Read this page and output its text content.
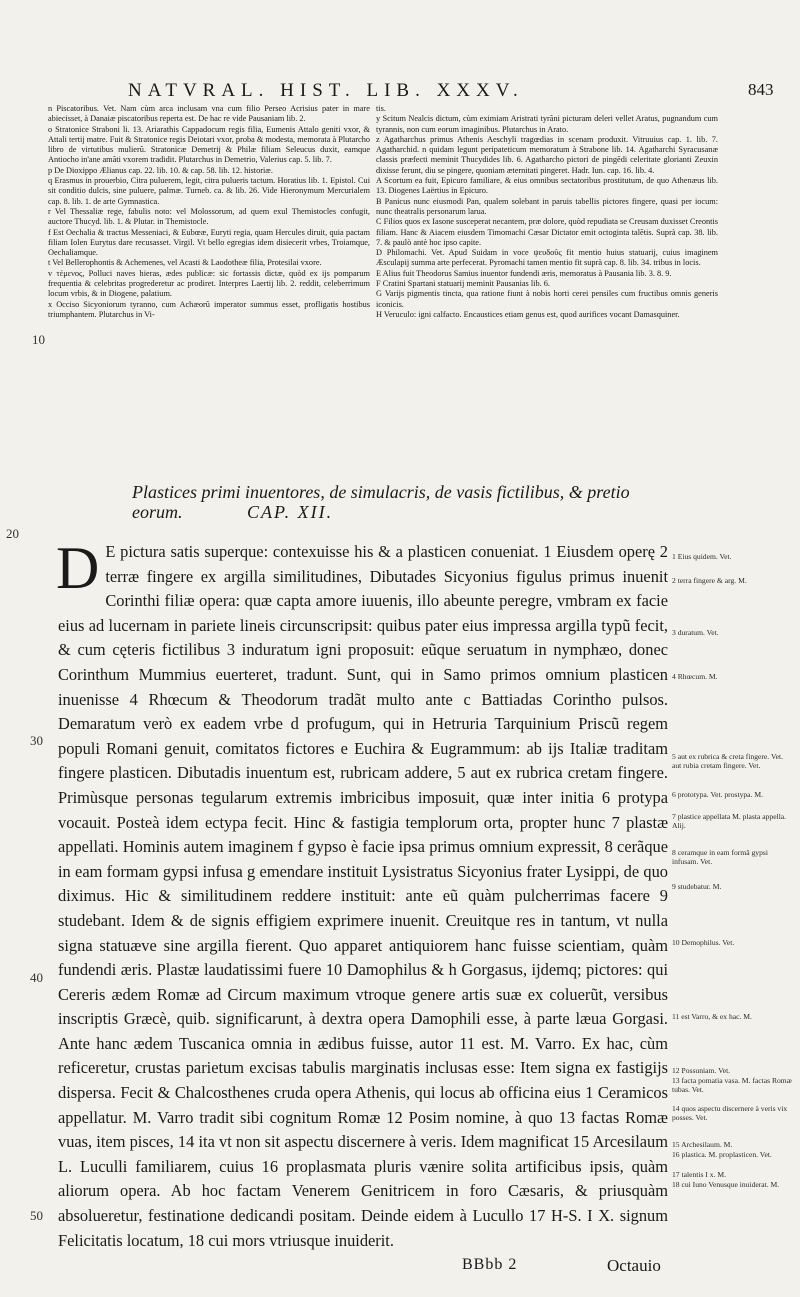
NATVRAL. HIST. LIB. XXXV.	843

n Piscatoribus. Vet. Nam cùm arca inclusam vna cum filio Perseo Acrisius pater in mare abiecisset, à Danaiæ piscatoribus reperta est. De hac re vide Pausaniam lib. 2.

o Stratonice Straboni li. 13. Ariarathis Cappadocum regis filia, Eumenis Attalo geniti vxor, & Attali tertij matre. Fuit & Stratonice regis Deiotari vxor, proba & modesta, memorata à Plutarcho libro de virtutibus mulierũ. Stratonicæ Demetrij & Philæ filiam Seleucus duxit, eamque Antiocho in'ane amãti vxorem tradidit. Plutarchus in Demetrio, Valerius cap. 5. lib. 7.

p De Dioxippo Ælianus cap. 22. lib. 10. & cap. 58. lib. 12. historiæ.

q Erasmus in prouerbio, Citra puluerem, legit, citra pulueris tactum. Horatius lib. 1. Epistol. Cui sit conditio dulcis, sine puluere, palmæ. Turneb. ca. & lib. 26. Vide Hieronymum Mercurialem cap. 8. lib. 1. de arte Gymnastica.

r Vel Thessaliæ rege, fabulis noto: vel Molossorum, ad quem exul Themistocles confugit, auctore Thucyd. lib. 1. & Plutar. in Themistocle.

f Est Oechalia & tractus Messeniaci, & Eubœæ, Euryti regia, quam Hercules diruit, quia pactam filiam Iolen Eurytus dare recusasset. Virgil. Vt bello egregias idem disiecerit vrbes, Troiamque, Oechaliamque.

t Vel Bellerophontis & Achemenes, vel Acasti & Laodotheæ filia, Protesilai vxore.

v τέμενος, Polluci naves hieras, ædes publicæ: sic fortassis dictæ, quòd ex ijs pomparum frequentia & celebritas progrederetur ac prodiret. Interpres Laertij lib. 2. reddit, celeberrimum locum vrbis, & in Diogene, palatium.

x Occiso Sicyoniorum tyranno, cum Achæorũ imperator summus esset, profligatis hostibus triumphantem. Plutarchus in Vi-

tis.

y Scitum Nealcis dictum, cùm eximiam Aristrati tyrãni picturam deleri vellet Aratus, pugnandum cum tyrannis, non cum eorum imaginibus. Plutarchus in Arato.

z Agatharchus primus Athenis Aeschyli tragœdias in scenam produxit. Vitruuius cap. 1. lib. 7. Agatharchid. n quidam legunt peripateticum memoratum à Strabone lib. 14. Agatharchi Syracusanæ classis præfecti meminit Thucydides lib. 6. Agatharcho pictori de pingēdi celeritate glorianti Zeuxin dixisse ferunt, diu se pingere, quoniam æternitati pingeret. Hadr. Iun. cap. 16. lib. 4.

A Scortum ea fuit, Epicuro familiare, & eius omnibus sectatoribus prostitutum, de quo Athenæus lib. 13. Diogenes Laërtius in Epicuro.

B Panicus nunc eiusmodi Pan, qualem solebant in paruis tabellis pictores fingere, quasi per iocum: nunc theatralis personarum larua.

C Filios quos ex Iasone susceperat necantem, præ dolore, quòd repudiata se Creusam duxisset Creontis filiam. Hanc & Aiacem eiusdem Timomachi Cæsar Dictator emit octoginta talẽtis. Suprà cap. 38. lib. 7. & paulò antè hoc ipso capite.

D Philomachi. Vet. Apud Suidam in voce ψευδοῦς fit mentio huius statuarij, cuius imaginem Æsculapij summa arte perfecerat. Pyromachi tamen mentio fit suprà cap. 8. lib. 34. tribus in locis.

E Alius fuit Theodorus Samius inuentor fundendi æris, memoratus à Pausania lib. 3. 8. 9.

F Cratini Spartani statuarij meminit Pausanias lib. 6.

G Varijs pigmentis tincta, qua ratione fiunt à nobis horti cerei pensiles cum fructibus omnis generis iconicis.

H Veruculo: igni calfacto. Encaustices etiam genus est, quod aurifices vocant Damasquiner.

Plastices primi inuentores, de simulacris, de vasis fictilibus, & pretio eorum.	CAP. XII.

D E pictura satis superque: contexuisse his & a plasticen conueniat. 1 Eiusdem operę 2 terræ fingere ex argilla similitudines, Dibutades Sicyonius figulus primus inuenit Corinthi filiæ opera: quæ capta amore iuuenis, illo abeunte peregre, vmbram ex facie eius ad lucernam in pariete lineis circunscripsit: quibus pater eius impressa argilla typũ fecit, & cum cęteris fictilibus 3 induratum igni proposuit: eũque seruatum in nymphæo, donec Corinthum Mummius euerteret, tradunt. Sunt, qui in Samo primos omnium plasticen inuenisse 4 Rhœcum & Theodorum tradãt multo ante c Battiadas Corintho pulsos. Demaratum verò ex eadem vrbe d profugum, qui in Hetruria Tarquinium Priscũ regem populi Romani genuit, comitatos fictores e Euchira & Eugrammum: ab ijs Italiæ traditam fingere plasticen. Dibutadis inuentum est, rubricam addere, 5 aut ex rubrica cretam fingere. Primùsque personas tegularum extremis imbricibus imposuit, quæ inter initia 6 protypa vocauit. Posteà idem ectypa fecit. Hinc & fastigia templorum orta, propter hunc 7 plastæ appellati. Hominis autem imaginem f gypso è facie ipsa primus omnium expressit, 8 cerãque in eam formam gypsi infusa g emendare instituit Lysistratus Sicyonius frater Lysippi, de quo diximus. Hic & similitudinem reddere instituit: ante eũ quàm pulcherrimas facere 9 studebant. Idem & de signis effigiem exprimere inuenit. Creuitque res in tantum, vt nulla signa statuæve sine argilla fierent. Quo apparet antiquiorem hanc fuisse scientiam, quàm fundendi æris. Plastæ laudatissimi fuere 10 Damophilus & h Gorgasus, ijdemq; pictores: qui Cereris ædem Romæ ad Circum maximum vtroque genere artis suæ ex coluerũt, versibus inscriptis Græcè, quib. significarunt, à dextra opera Damophili esse, à parte læua Gorgasi. Ante hanc ædem Tuscanica omnia in ædibus fuisse, autor 11 est. M. Varro. Ex hac, cùm reficeretur, crustas parietum excisas tabulis marginatis inclusas esse: Item signa ex fastigijs dispersa. Fecit & Chalcosthenes cruda opera Athenis, qui locus ab officina eius 1 Ceramicos appellatur. M. Varro tradit sibi cognitum Romæ 12 Posim nomine, à quo 13 factas Romæ vuas, item pisces, 14 ita vt non sit aspectu discernere à veris. Idem magnificat 15 Arcesilaum L. Luculli familiarem, cuius 16 proplasmata pluris vænire solita artificibus ipsis, quàm aliorum opera. Ab hoc factam Venerem Genitricem in foro Cæsaris, & priusquàm absolueretur, festinatione dedicandi positam. Deinde eidem à Lucullo 17 H-S. I X. signum Felicitatis locatum, 18 cui mors vtriusque inuiderit.

10
20
30
40
50

1 Eius quidem. Vet.

2 terra fingere & arg. M.

3 duratum. Vet.

4 Rhœcum. M.

5 aut ex rubrica & creta fingere. Vet. aut rubia cretam fingere. Vet.

6 prototypa. Vet. prostypa. M.

7 plastice appellata M. plasta appella. Alij.

8 ceramque in eam formã gypsi infusam. Vet.

9 studebatur. M.

10 Demophilus. Vet.

11 est Varro, & ex hac. M.

12 Possuniam. Vet.

13 facta pomatia vasa. M. factas Romæ tubas. Vet.

14 quos aspectu discernere à veris vix posses. Vet.

15 Archesilaum. M.

16 plastica. M. proplasticen. Vet.

17 talentis I x. M.

18 cui Iuno Venusque inuiderat. M.

BBbb 2	Octauio
